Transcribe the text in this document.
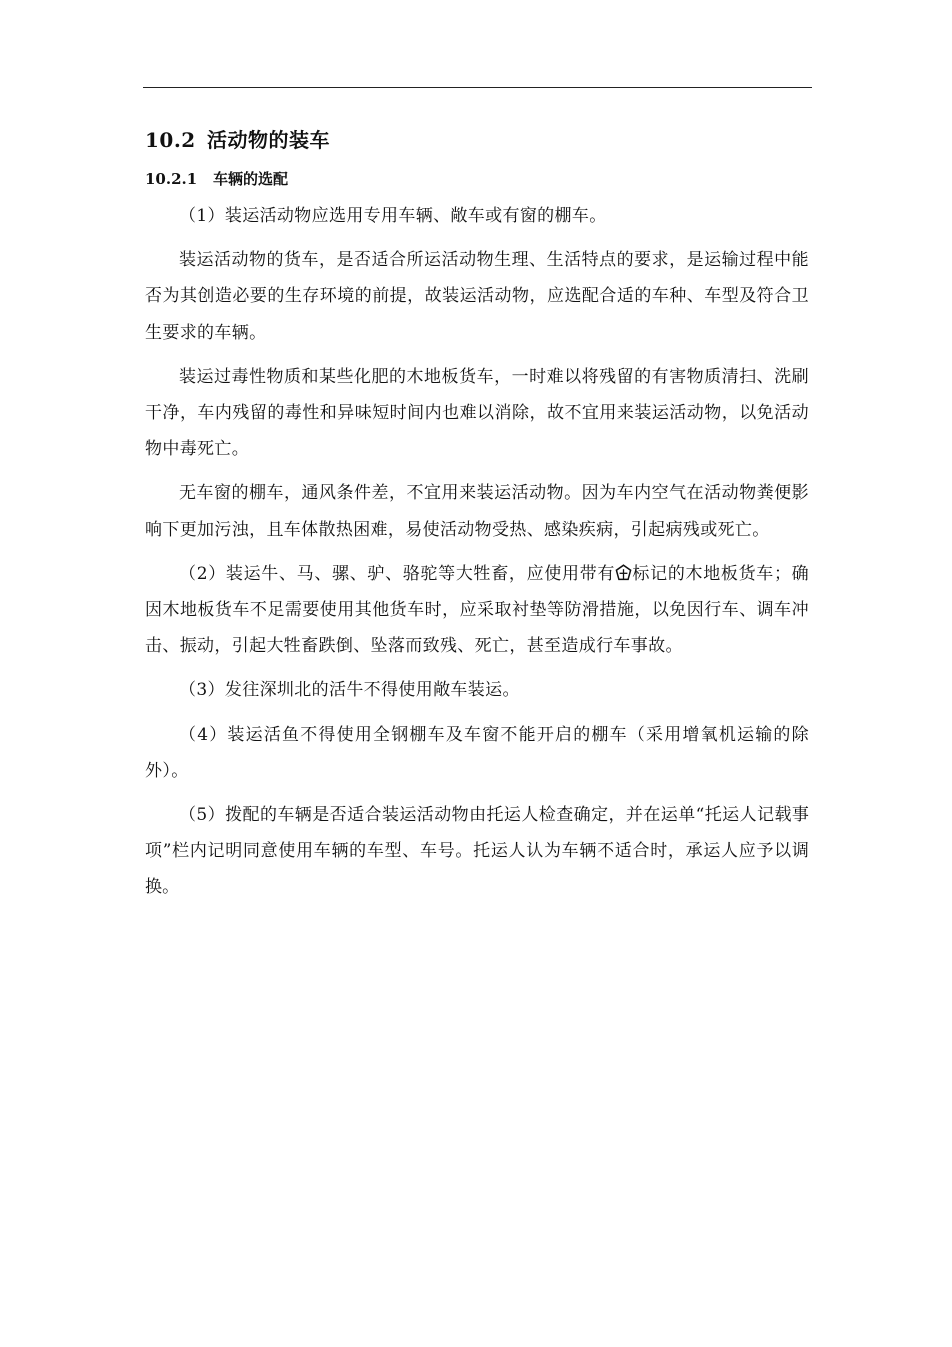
10.2 活动物的装车
10.2.1 车辆的选配

（1）装运活动物应选用专用车辆、敞车或有窗的棚车。

装运活动物的货车，是否适合所运活动物生理、生活特点的要求，是运输过程中能否为其创造必要的生存环境的前提，故装运活动物，应选配合适的车种、车型及符合卫生要求的车辆。

装运过毒性物质和某些化肥的木地板货车，一时难以将残留的有害物质清扫、洗刷干净，车内残留的毒性和异味短时间内也难以消除，故不宜用来装运活动物，以免活动物中毒死亡。

无车窗的棚车，通风条件差，不宜用来装运活动物。因为车内空气在活动物粪便影响下更加污浊，且车体散热困难，易使活动物受热、感染疾病，引起病残或死亡。

（2）装运牛、马、骡、驴、骆驼等大牲畜，应使用带有 标记的木地板货车；确因木地板货车不足需要使用其他货车时，应采取衬垫等防滑措施，以免因行车、调车冲击、振动，引起大牲畜跌倒、坠落而致残、死亡，甚至造成行车事故。

（3）发往深圳北的活牛不得使用敞车装运。

（4）装运活鱼不得使用全钢棚车及车窗不能开启的棚车（采用增氧机运输的除外）。

（5）拨配的车辆是否适合装运活动物由托运人检查确定，并在运单“托运人记载事项”栏内记明同意使用车辆的车型、车号。托运人认为车辆不适合时，承运人应予以调换。
